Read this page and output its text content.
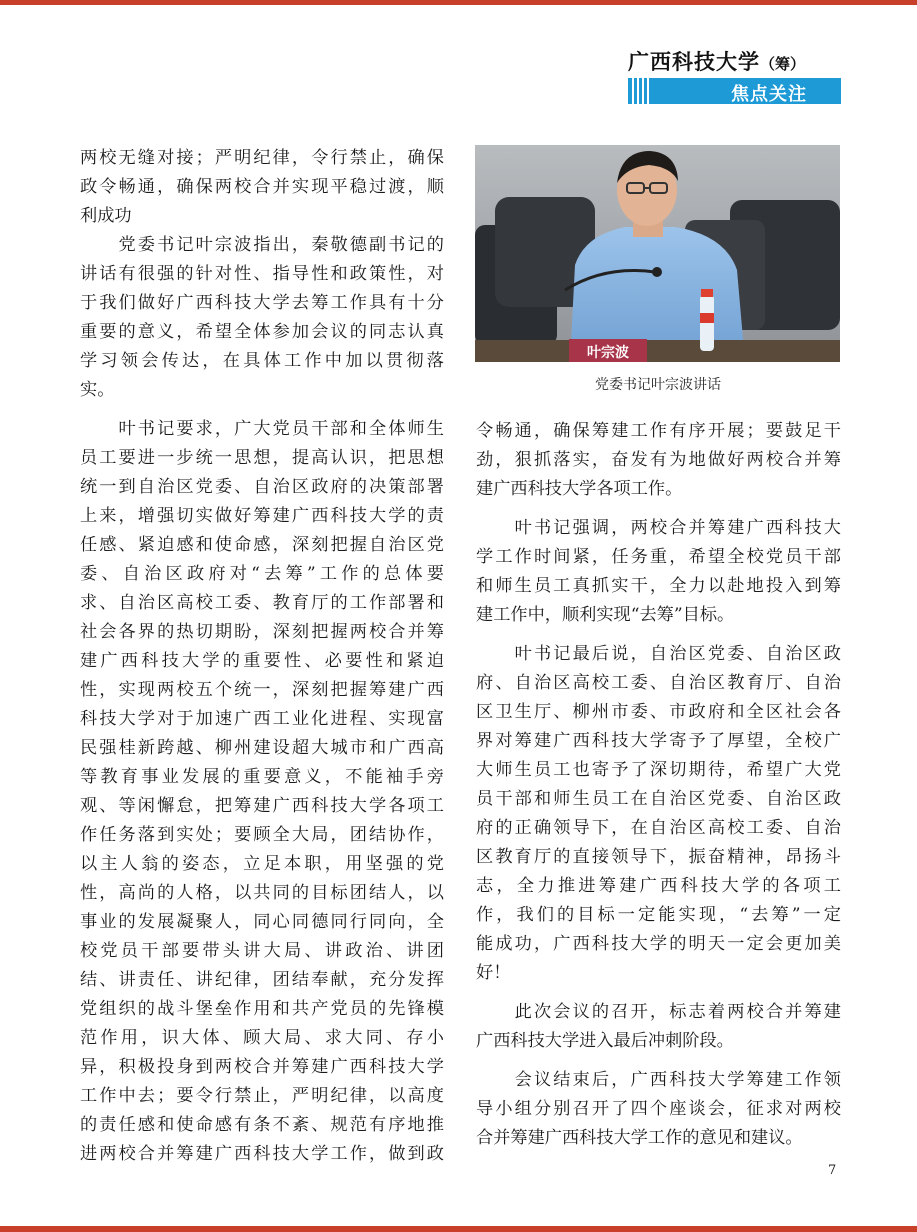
广西科技大学（筹）
焦点关注

两校无缝对接；严明纪律，令行禁止，确保

政令畅通，确保两校合并实现平稳过渡，顺

利成功

　　党委书记叶宗波指出，秦敬德副书记的

讲话有很强的针对性、指导性和政策性，对

于我们做好广西科技大学去筹工作具有十分

重要的意义，希望全体参加会议的同志认真

学习领会传达，在具体工作中加以贯彻落

实。

　　叶书记要求，广大党员干部和全体师生

员工要进一步统一思想，提高认识，把思想

统一到自治区党委、自治区政府的决策部署

上来，增强切实做好筹建广西科技大学的责

任感、紧迫感和使命感，深刻把握自治区党

委、自治区政府对“去筹”工作的总体要

求、自治区高校工委、教育厅的工作部署和

社会各界的热切期盼，深刻把握两校合并筹

建广西科技大学的重要性、必要性和紧迫

性，实现两校五个统一，深刻把握筹建广西

科技大学对于加速广西工业化进程、实现富

民强桂新跨越、柳州建设超大城市和广西高

等教育事业发展的重要意义，不能袖手旁

观、等闲懈怠，把筹建广西科技大学各项工

作任务落到实处；要顾全大局，团结协作，

以主人翁的姿态，立足本职，用坚强的党

性，高尚的人格，以共同的目标团结人，以

事业的发展凝聚人，同心同德同行同向，全

校党员干部要带头讲大局、讲政治、讲团

结、讲责任、讲纪律，团结奉献，充分发挥

党组织的战斗堡垒作用和共产党员的先锋模

范作用，识大体、顾大局、求大同、存小

异，积极投身到两校合并筹建广西科技大学

工作中去；要令行禁止，严明纪律，以高度

的责任感和使命感有条不紊、规范有序地推

进两校合并筹建广西科技大学工作，做到政

叶宗波
党委书记叶宗波讲话

令畅通，确保筹建工作有序开展；要鼓足干

劲，狠抓落实，奋发有为地做好两校合并筹

建广西科技大学各项工作。

　　叶书记强调，两校合并筹建广西科技大

学工作时间紧，任务重，希望全校党员干部

和师生员工真抓实干，全力以赴地投入到筹

建工作中，顺利实现“去筹”目标。

　　叶书记最后说，自治区党委、自治区政

府、自治区高校工委、自治区教育厅、自治

区卫生厅、柳州市委、市政府和全区社会各

界对筹建广西科技大学寄予了厚望，全校广

大师生员工也寄予了深切期待，希望广大党

员干部和师生员工在自治区党委、自治区政

府的正确领导下，在自治区高校工委、自治

区教育厅的直接领导下，振奋精神，昂扬斗

志，全力推进筹建广西科技大学的各项工

作，我们的目标一定能实现，“去筹”一定

能成功，广西科技大学的明天一定会更加美

好！

　　此次会议的召开，标志着两校合并筹建

广西科技大学进入最后冲刺阶段。

　　会议结束后，广西科技大学筹建工作领

导小组分别召开了四个座谈会，征求对两校

合并筹建广西科技大学工作的意见和建议。

7
